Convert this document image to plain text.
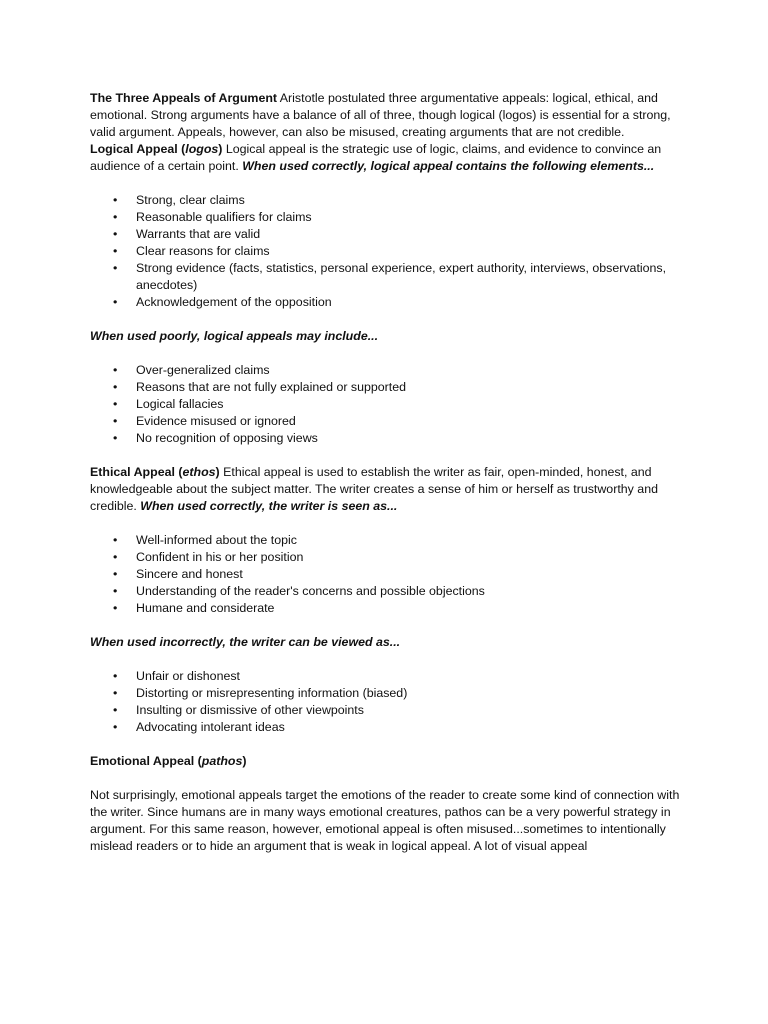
The Three Appeals of Argument Aristotle postulated three argumentative appeals: logical, ethical, and emotional. Strong arguments have a balance of all of three, though logical (logos) is essential for a strong, valid argument. Appeals, however, can also be misused, creating arguments that are not credible.

Logical Appeal (logos) Logical appeal is the strategic use of logic, claims, and evidence to convince an audience of a certain point. When used correctly, logical appeal contains the following elements...

• Strong, clear claims
• Reasonable qualifiers for claims
• Warrants that are valid
• Clear reasons for claims
• Strong evidence (facts, statistics, personal experience, expert authority, interviews, observations, anecdotes)
• Acknowledgement of the opposition

When used poorly, logical appeals may include...

• Over-generalized claims
• Reasons that are not fully explained or supported
• Logical fallacies
• Evidence misused or ignored
• No recognition of opposing views

Ethical Appeal (ethos) Ethical appeal is used to establish the writer as fair, open-minded, honest, and knowledgeable about the subject matter. The writer creates a sense of him or herself as trustworthy and credible. When used correctly, the writer is seen as...

• Well-informed about the topic
• Confident in his or her position
• Sincere and honest
• Understanding of the reader's concerns and possible objections
• Humane and considerate

When used incorrectly, the writer can be viewed as...

• Unfair or dishonest
• Distorting or misrepresenting information (biased)
• Insulting or dismissive of other viewpoints
• Advocating intolerant ideas

Emotional Appeal (pathos)

Not surprisingly, emotional appeals target the emotions of the reader to create some kind of connection with the writer. Since humans are in many ways emotional creatures, pathos can be a very powerful strategy in argument. For this same reason, however, emotional appeal is often misused...sometimes to intentionally mislead readers or to hide an argument that is weak in logical appeal. A lot of visual appeal
